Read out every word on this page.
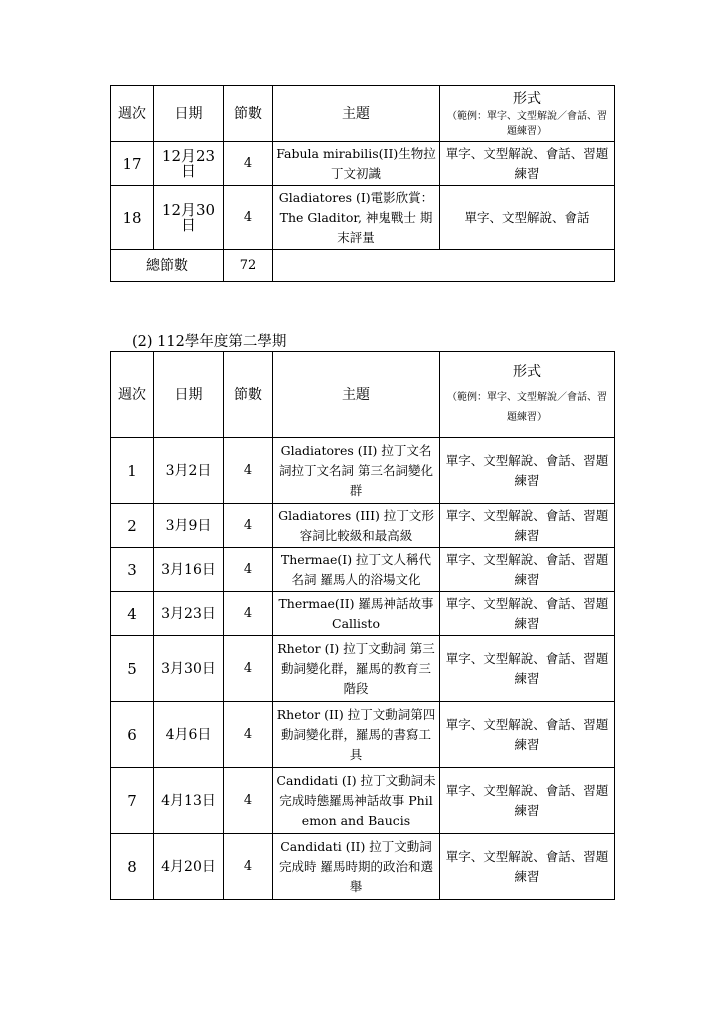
週次	日期	節數	主題	形式
（範例：單字、文型解說／會話、習題練習）

17	12月23日	4	Fabula mirabilis(II)生物拉丁文初識	單字、文型解說、會話、習題練習
18	12月30日	4	Gladiatores (I)電影欣賞：The Gladitor, 神鬼戰士 期末評量	單字、文型解說、會話
總節數		72		
(2) 112學年度第二學期
週次	日期	節數	主題	形式
（範例：單字、文型解說／會話、習題練習）

1	3月2日	4	Gladiatores (II) 拉丁文名詞拉丁文名詞 第三名詞變化群	單字、文型解說、會話、習題練習
2	3月9日	4	Gladiatores (III) 拉丁文形容詞比較級和最高級	單字、文型解說、會話、習題練習
3	3月16日	4	Thermae(I) 拉丁文人稱代名詞 羅馬人的浴場文化	單字、文型解說、會話、習題練習
4	3月23日	4	Thermae(II) 羅馬神話故事 Callisto	單字、文型解說、會話、習題練習
5	3月30日	4	Rhetor (I) 拉丁文動詞 第三動詞變化群，羅馬的教育三階段	單字、文型解說、會話、習題練習
6	4月6日	4	Rhetor (II) 拉丁文動詞第四動詞變化群，羅馬的書寫工具	單字、文型解說、會話、習題練習
7	4月13日	4	Candidati (I) 拉丁文動詞未完成時態羅馬神話故事 Philemon and Baucis	單字、文型解說、會話、習題練習
8	4月20日	4	Candidati (II) 拉丁文動詞完成時 羅馬時期的政治和選舉	單字、文型解說、會話、習題練習
